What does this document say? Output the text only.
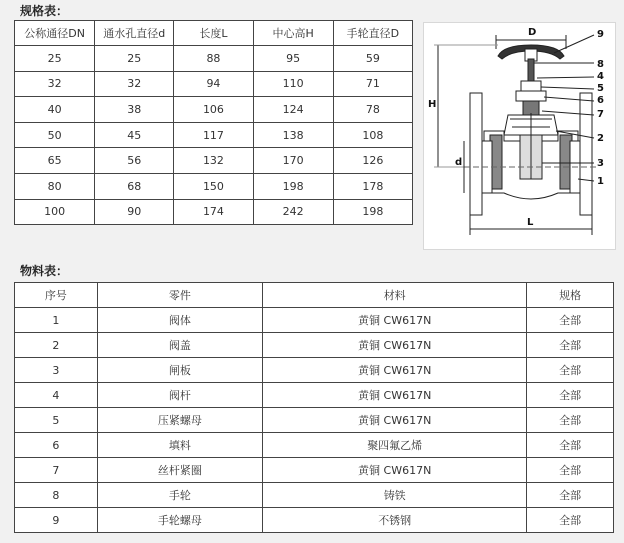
规格表：
公称通径DN	通水孔直径d	长度L	中心高H	手轮直径D
25	25	88	95	59
32	32	94	110	71
40	38	106	124	78
50	45	117	138	108
65	56	132	170	126
80	68	150	198	178
100	90	174	242	198
D
H
d
L
9
8
4
5
6
7
2
3
1
物料表：
序号	零件	材料	规格
1	阀体	黄铜 CW617N	全部
2	阀盖	黄铜 CW617N	全部
3	闸板	黄铜 CW617N	全部
4	阀杆	黄铜 CW617N	全部
5	压紧螺母	黄铜 CW617N	全部
6	填料	聚四氟乙烯	全部
7	丝杆紧圈	黄铜 CW617N	全部
8	手轮	铸铁	全部
9	手轮螺母	不锈钢	全部
